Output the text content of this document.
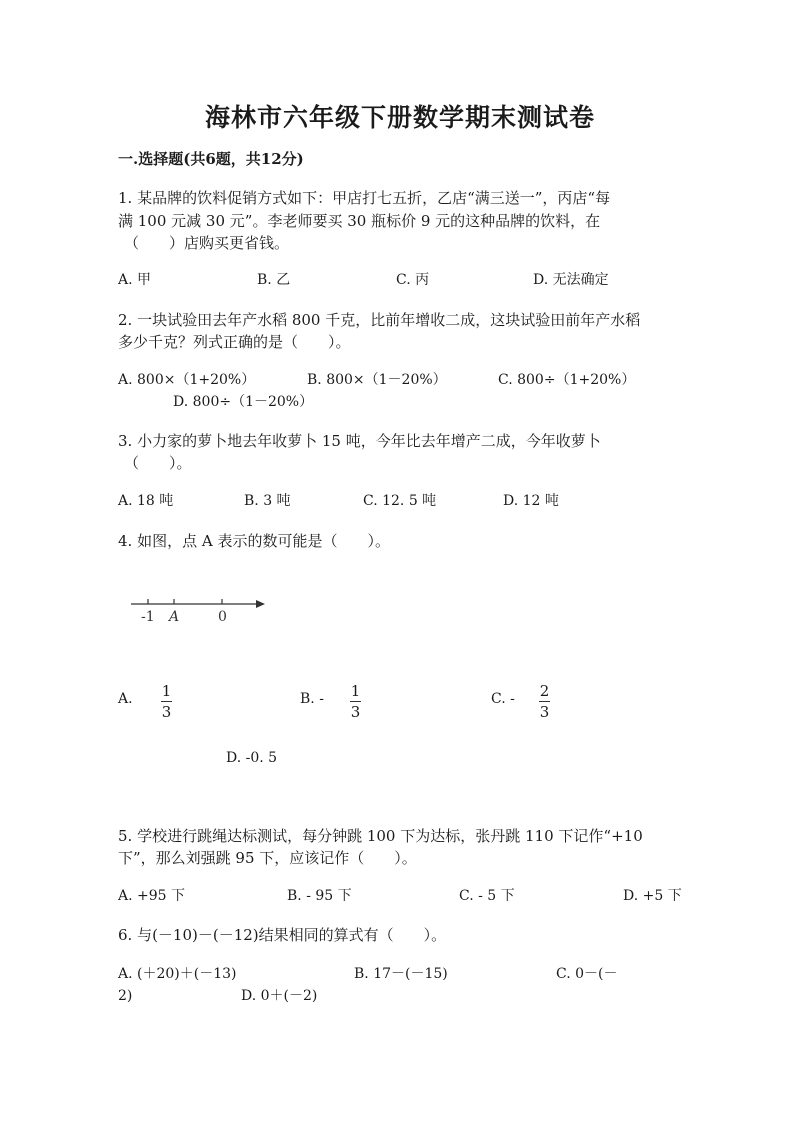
海林市六年级下册数学期末测试卷
一.选择题(共6题，共12分)
1. 某品牌的饮料促销方式如下：甲店打七五折，乙店“满三送一”，丙店“每
满 100 元减 30 元”。李老师要买 30 瓶标价 9 元的这种品牌的饮料，在
（　　）店购买更省钱。
A. 甲	B. 乙	C. 丙	D. 无法确定
2. 一块试验田去年产水稻 800 千克，比前年增收二成，这块试验田前年产水稻
多少千克？列式正确的是（　　）。
A. 800×（1+20%）	B. 800×（1－20%）	C. 800÷（1+20%）
D. 800÷（1－20%）
3. 小力家的萝卜地去年收萝卜 15 吨，今年比去年增产二成，今年收萝卜
（　　）。
A. 18 吨	B. 3 吨	C. 12. 5 吨	D. 12 吨
4. 如图，点 A 表示的数可能是（　　）。
-1 A	0
A. 1
3
B. - 1
3
C. - 2
3
D. -0. 5
5. 学校进行跳绳达标测试，每分钟跳 100 下为达标，张丹跳 110 下记作“+10
下”，那么刘强跳 95 下，应该记作（　　）。
A. +95 下	B. - 95 下	C. - 5 下	D. +5 下
6. 与(－10)－(－12)结果相同的算式有（　　）。
A. (＋20)＋(－13)	B. 17－(－15)	C. 0－(－
2)	D. 0＋(－2)
